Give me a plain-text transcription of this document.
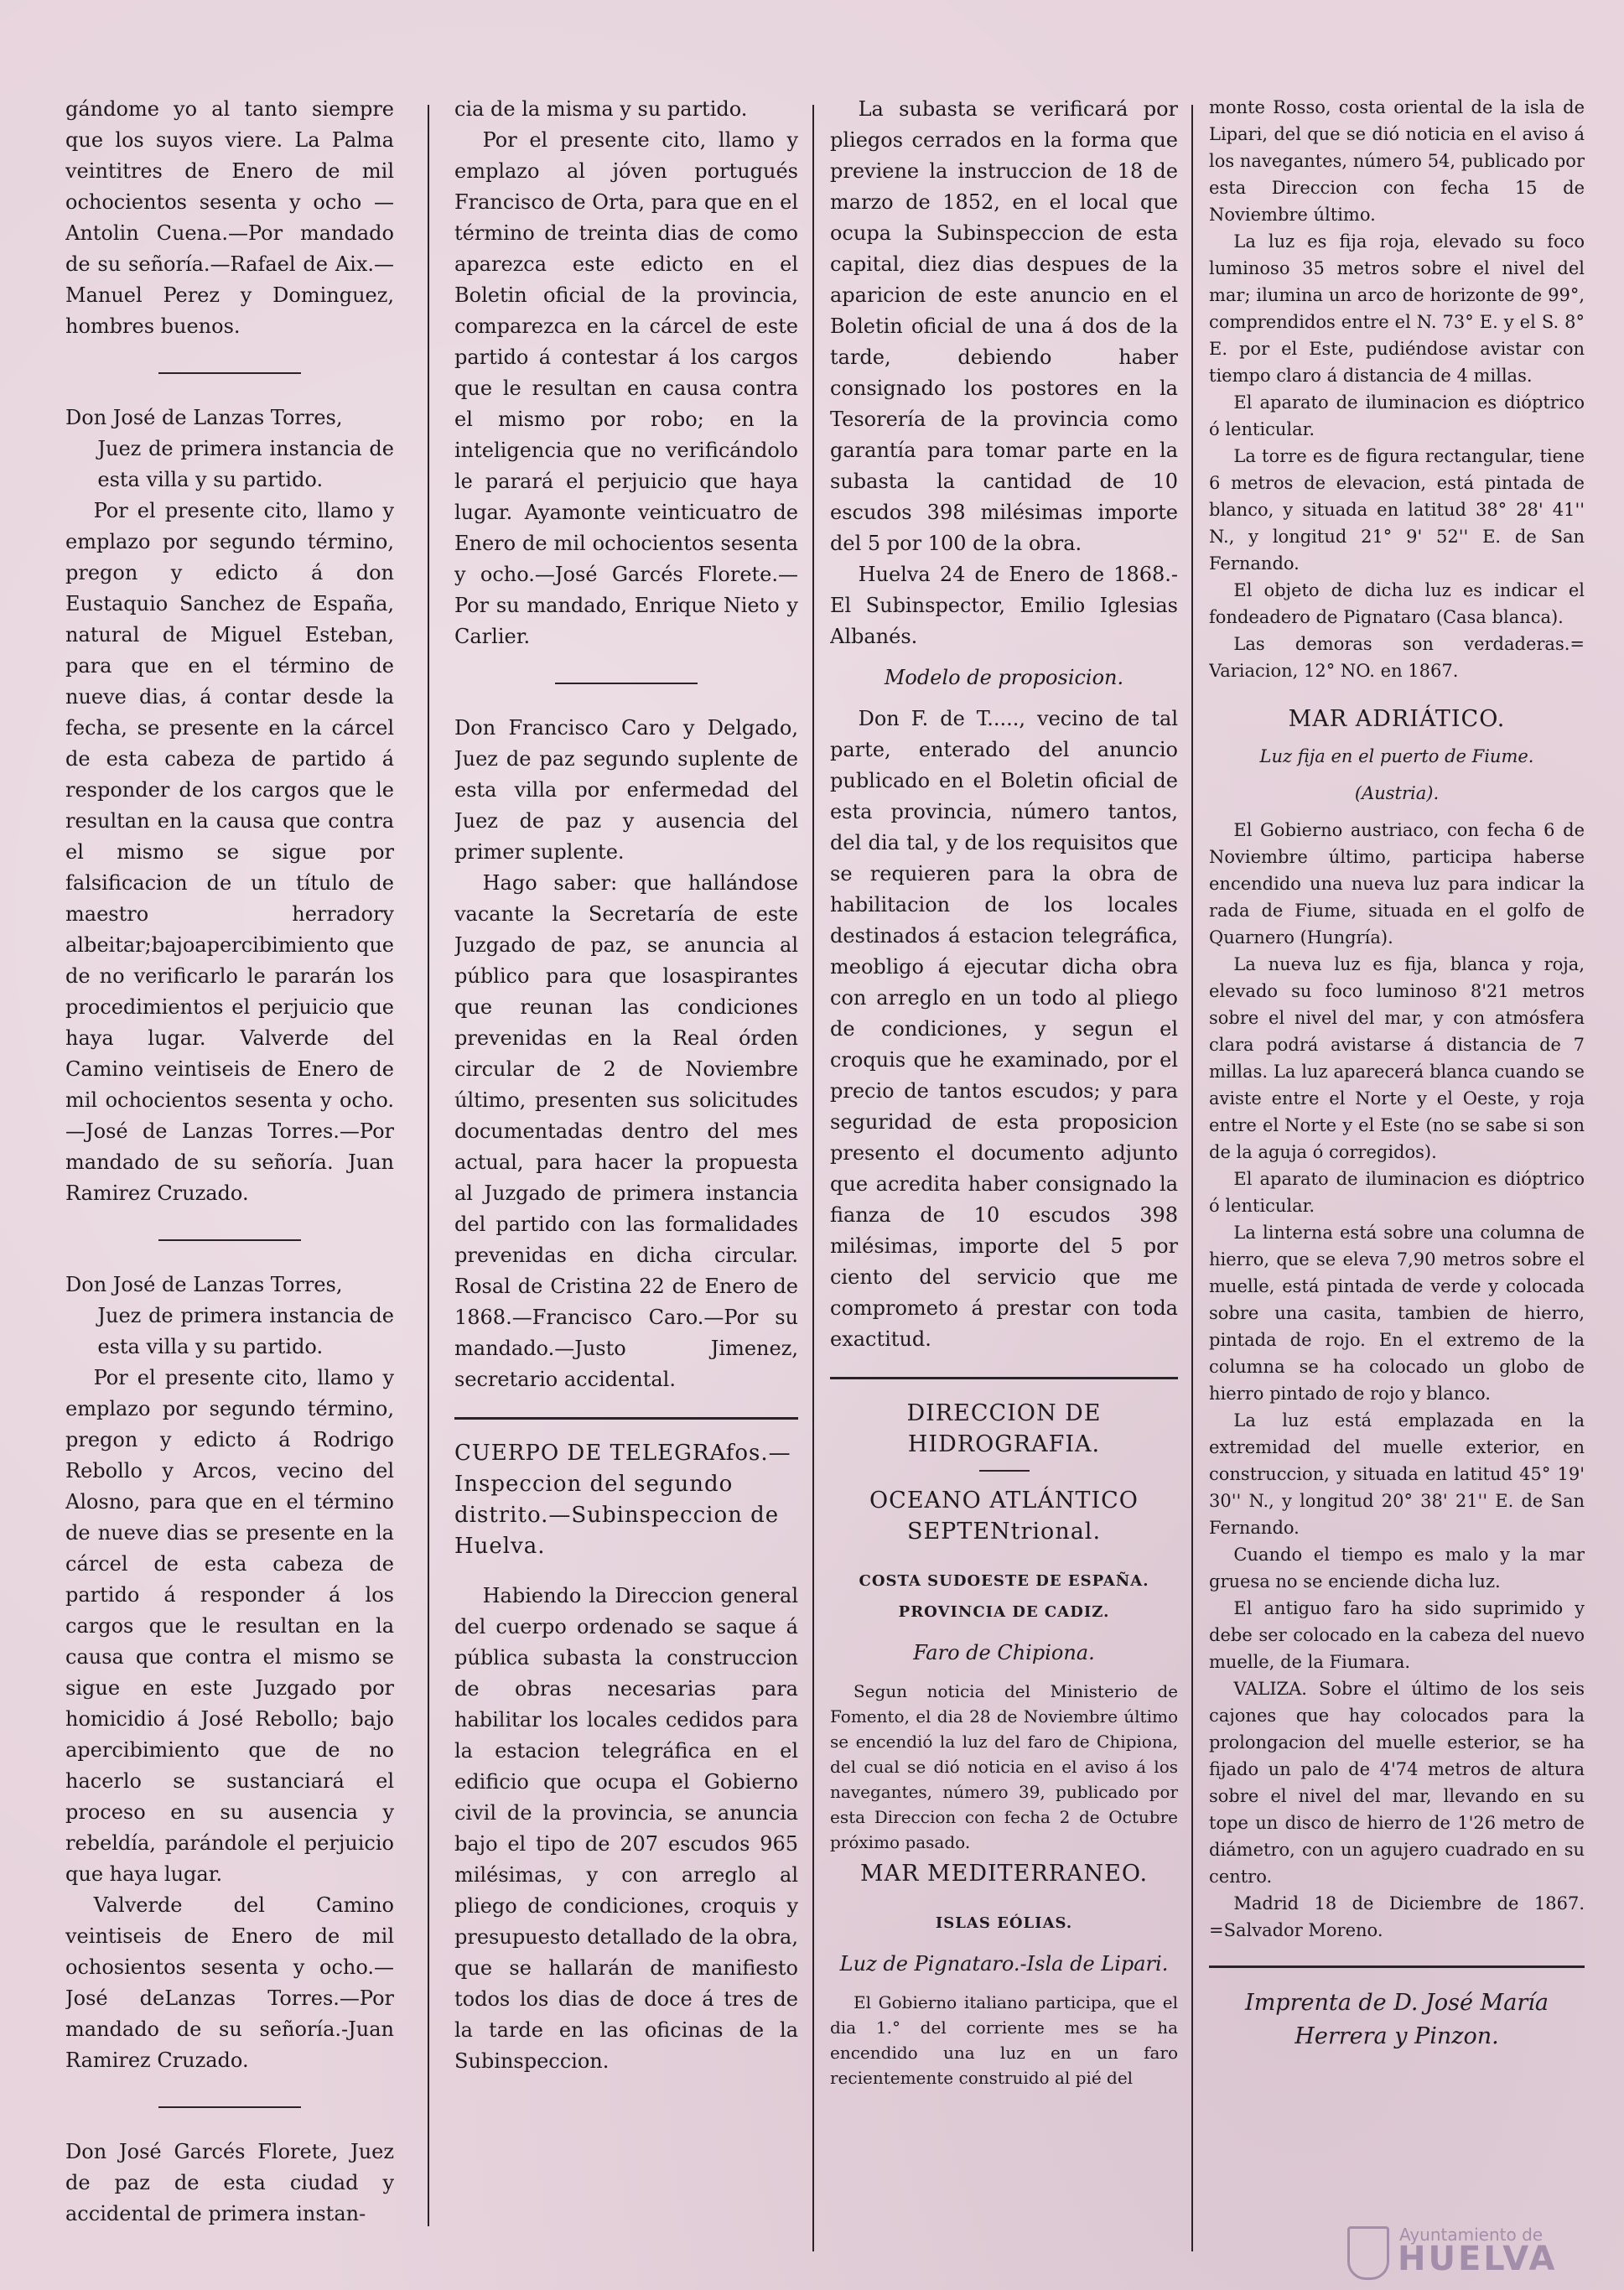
gándome yo al tanto siempre que los suyos viere. La Palma veintitres de Enero de mil ochocientos sesenta y ocho —Antolin Cuena.—Por mandado de su señoría.—Rafael de Aix.—Manuel Perez y Dominguez, hombres buenos.

Don José de Lanzas Torres,

Juez de primera instancia de esta villa y su partido.

Por el presente cito, llamo y emplazo por segundo término, pregon y edicto á don Eustaquio Sanchez de España, natural de Miguel Esteban, para que en el término de nueve dias, á contar desde la fecha, se presente en la cárcel de esta cabeza de partido á responder de los cargos que le resultan en la causa que contra el mismo se sigue por falsificacion de un título de maestro herradory albeitar;bajoapercibimiento que de no verificarlo le pararán los procedimientos el perjuicio que haya lugar. Valverde del Camino veintiseis de Enero de mil ochocientos sesenta y ocho.—José de Lanzas Torres.—Por mandado de su señoría. Juan Ramirez Cruzado.

Don José de Lanzas Torres,

Juez de primera instancia de esta villa y su partido.

Por el presente cito, llamo y emplazo por segundo término, pregon y edicto á Rodrigo Rebollo y Arcos, vecino del Alosno, para que en el término de nueve dias se presente en la cárcel de esta cabeza de partido á responder á los cargos que le resultan en la causa que contra el mismo se sigue en este Juzgado por homicidio á José Rebollo; bajo apercibimiento que de no hacerlo se sustanciará el proceso en su ausencia y rebeldía, parándole el perjuicio que haya lugar.

Valverde del Camino veintiseis de Enero de mil ochosientos sesenta y ocho.—José deLanzas Torres.—Por mandado de su señoría.-Juan Ramirez Cruzado.

Don José Garcés Florete, Juez de paz de esta ciudad y accidental de primera instan-

cia de la misma y su partido.

Por el presente cito, llamo y emplazo al jóven portugués Francisco de Orta, para que en el término de treinta dias de como aparezca este edicto en el Boletin oficial de la provincia, comparezca en la cárcel de este partido á contestar á los cargos que le resultan en causa contra el mismo por robo; en la inteligencia que no verificándolo le parará el perjuicio que haya lugar. Ayamonte veinticuatro de Enero de mil ochocientos sesenta y ocho.—José Garcés Florete.—Por su mandado, Enrique Nieto y Carlier.

Don Francisco Caro y Delgado, Juez de paz segundo suplente de esta villa por enfermedad del Juez de paz y ausencia del primer suplente.

Hago saber: que hallándose vacante la Secretaría de este Juzgado de paz, se anuncia al público para que losaspirantes que reunan las condiciones prevenidas en la Real órden circular de 2 de Noviembre último, presenten sus solicitudes documentadas dentro del mes actual, para hacer la propuesta al Juzgado de primera instancia del partido con las formalidades prevenidas en dicha circular. Rosal de Cristina 22 de Enero de 1868.—Francisco Caro.—Por su mandado.—Justo Jimenez, secretario accidental.

CUERPO DE TELEGRAfos.—Inspeccion del segundo distrito.—Subinspeccion de Huelva.

Habiendo la Direccion general del cuerpo ordenado se saque á pública subasta la construccion de obras necesarias para habilitar los locales cedidos para la estacion telegráfica en el edificio que ocupa el Gobierno civil de la provincia, se anuncia bajo el tipo de 207 escudos 965 milésimas, y con arreglo al pliego de condiciones, croquis y presupuesto detallado de la obra, que se hallarán de manifiesto todos los dias de doce á tres de la tarde en las oficinas de la Subinspeccion.

La subasta se verificará por pliegos cerrados en la forma que previene la instruccion de 18 de marzo de 1852, en el local que ocupa la Subinspeccion de esta capital, diez dias despues de la aparicion de este anuncio en el Boletin oficial de una á dos de la tarde, debiendo haber consignado los postores en la Tesorería de la provincia como garantía para tomar parte en la subasta la cantidad de 10 escudos 398 milésimas importe del 5 por 100 de la obra.

Huelva 24 de Enero de 1868.-El Subinspector, Emilio Iglesias Albanés.

Modelo de proposicion.

Don F. de T....., vecino de tal parte, enterado del anuncio publicado en el Boletin oficial de esta provincia, número tantos, del dia tal, y de los requisitos que se requieren para la obra de habilitacion de los locales destinados á estacion telegráfica, meobligo á ejecutar dicha obra con arreglo en un todo al pliego de condiciones, y segun el croquis que he examinado, por el precio de tantos escudos; y para seguridad de esta proposicion presento el documento adjunto que acredita haber consignado la fianza de 10 escudos 398 milésimas, importe del 5 por ciento del servicio que me comprometo á prestar con toda exactitud.

DIRECCION DE HIDROGRAFIA.

OCEANO ATLÁNTICO SEPTENtrional.

COSTA SUDOESTE DE ESPAÑA. PROVINCIA DE CADIZ.

Faro de Chipiona.

Segun noticia del Ministerio de Fomento, el dia 28 de Noviembre último se encendió la luz del faro de Chipiona, del cual se dió noticia en el aviso á los navegantes, número 39, publicado por esta Direccion con fecha 2 de Octubre próximo pasado.

MAR MEDITERRANEO.

ISLAS EÓLIAS.

Luz de Pignataro.-Isla de Lipari.

El Gobierno italiano participa, que el dia 1.° del corriente mes se ha encendido una luz en un faro recientemente construido al pié del

monte Rosso, costa oriental de la isla de Lipari, del que se dió noticia en el aviso á los navegantes, número 54, publicado por esta Direccion con fecha 15 de Noviembre último.

La luz es fija roja, elevado su foco luminoso 35 metros sobre el nivel del mar; ilumina un arco de horizonte de 99°, comprendidos entre el N. 73° E. y el S. 8° E. por el Este, pudiéndose avistar con tiempo claro á distancia de 4 millas.

El aparato de iluminacion es dióptrico ó lenticular.

La torre es de figura rectangular, tiene 6 metros de elevacion, está pintada de blanco, y situada en latitud 38° 28' 41'' N., y longitud 21° 9' 52'' E. de San Fernando.

El objeto de dicha luz es indicar el fondeadero de Pignataro (Casa blanca).

Las demoras son verdaderas.= Variacion, 12° NO. en 1867.

MAR ADRIÁTICO.

Luz fija en el puerto de Fiume.

(Austria).

El Gobierno austriaco, con fecha 6 de Noviembre último, participa haberse encendido una nueva luz para indicar la rada de Fiume, situada en el golfo de Quarnero (Hungría).

La nueva luz es fija, blanca y roja, elevado su foco luminoso 8'21 metros sobre el nivel del mar, y con atmósfera clara podrá avistarse á distancia de 7 millas. La luz aparecerá blanca cuando se aviste entre el Norte y el Oeste, y roja entre el Norte y el Este (no se sabe si son de la aguja ó corregidos).

El aparato de iluminacion es dióptrico ó lenticular.

La linterna está sobre una columna de hierro, que se eleva 7,90 metros sobre el muelle, está pintada de verde y colocada sobre una casita, tambien de hierro, pintada de rojo. En el extremo de la columna se ha colocado un globo de hierro pintado de rojo y blanco.

La luz está emplazada en la extremidad del muelle exterior, en construccion, y situada en latitud 45° 19' 30'' N., y longitud 20° 38' 21'' E. de San Fernando.

Cuando el tiempo es malo y la mar gruesa no se enciende dicha luz.

El antiguo faro ha sido suprimido y debe ser colocado en la cabeza del nuevo muelle, de la Fiumara.

VALIZA. Sobre el último de los seis cajones que hay colocados para la prolongacion del muelle esterior, se ha fijado un palo de 4'74 metros de altura sobre el nivel del mar, llevando en su tope un disco de hierro de 1'26 metro de diámetro, con un agujero cuadrado en su centro.

Madrid 18 de Diciembre de 1867. =Salvador Moreno.

Imprenta de D. José María Herrera y Pinzon.

Ayuntamiento de
HUELVA
